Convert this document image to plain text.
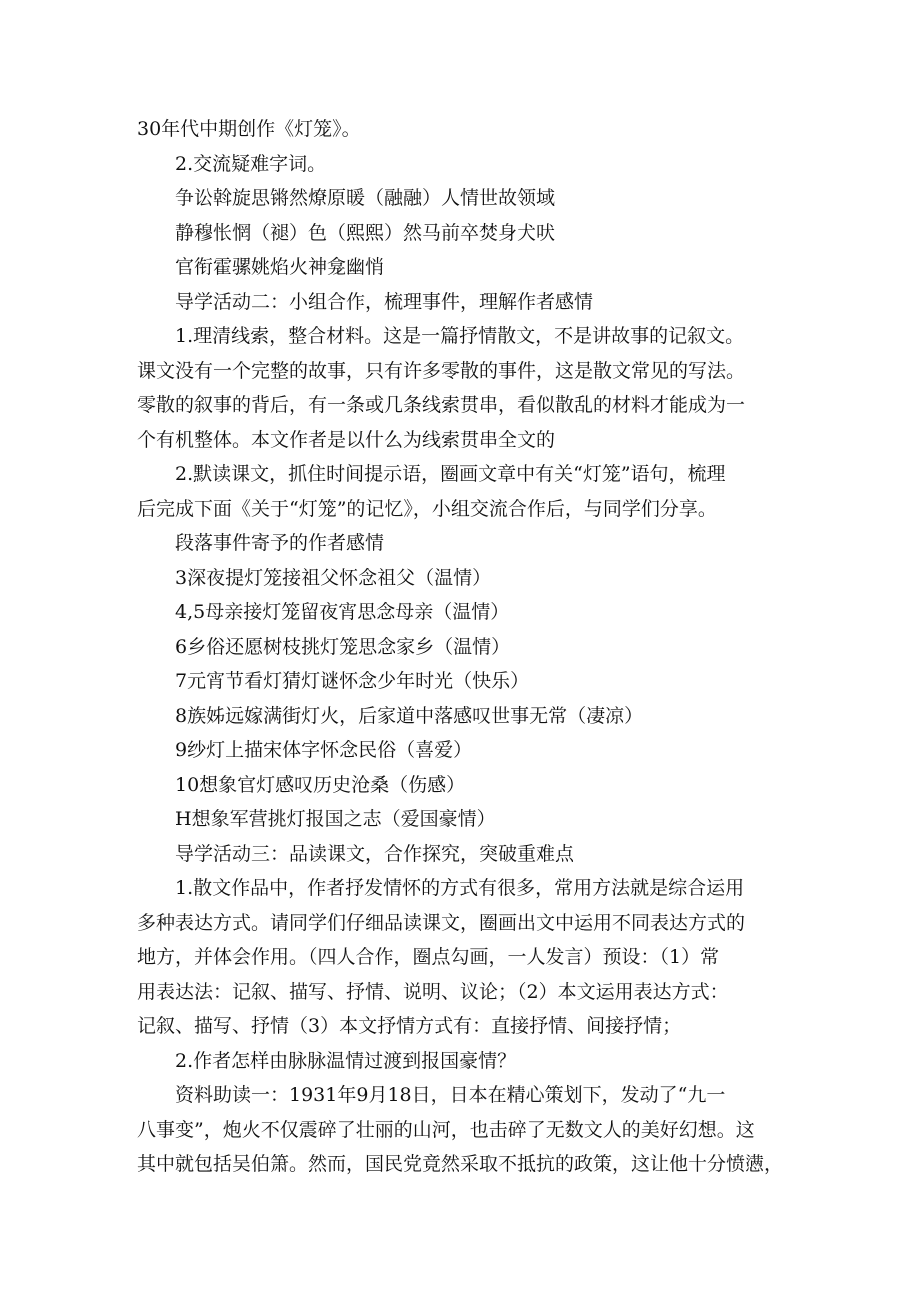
30年代中期创作《灯笼》。

2.交流疑难字词。

争讼斡旋思锵然燎原暖（融融）人情世故领域

静穆怅惘（褪）色（熙熙）然马前卒焚身犬吠

官衔霍骡姚焰火神龛幽悄

导学活动二：小组合作，梳理事件，理解作者感情

1.理清线索，整合材料。这是一篇抒情散文，不是讲故事的记叙文。

课文没有一个完整的故事，只有许多零散的事件，这是散文常见的写法。

零散的叙事的背后，有一条或几条线索贯串，看似散乱的材料才能成为一

个有机整体。本文作者是以什么为线索贯串全文的

2.默读课文，抓住时间提示语，圈画文章中有关“灯笼”语句，梳理

后完成下面《关于“灯笼”的记忆》，小组交流合作后，与同学们分享。

段落事件寄予的作者感情

3深夜提灯笼接祖父怀念祖父（温情）

4,5母亲接灯笼留夜宵思念母亲（温情）

6乡俗还愿树枝挑灯笼思念家乡（温情）

7元宵节看灯猜灯谜怀念少年时光（快乐）

8族姊远嫁满街灯火，后家道中落感叹世事无常（凄凉）

9纱灯上描宋体字怀念民俗（喜爱）

10想象官灯感叹历史沧桑（伤感）

H想象军营挑灯报国之志（爱国豪情）

导学活动三：品读课文，合作探究，突破重难点

1.散文作品中，作者抒发情怀的方式有很多，常用方法就是综合运用

多种表达方式。请同学们仔细品读课文，圈画出文中运用不同表达方式的

地方，并体会作用。（四人合作，圈点勾画，一人发言）预设：（1）常

用表达法：记叙、描写、抒情、说明、议论；（2）本文运用表达方式：

记叙、描写、抒情（3）本文抒情方式有：直接抒情、间接抒情；

2.作者怎样由脉脉温情过渡到报国豪情？

资料助读一：1931年9月18日，日本在精心策划下，发动了“九一

八事变”，炮火不仅震碎了壮丽的山河，也击碎了无数文人的美好幻想。这

其中就包括吴伯箫。然而，国民党竟然采取不抵抗的政策，这让他十分愤懑，
